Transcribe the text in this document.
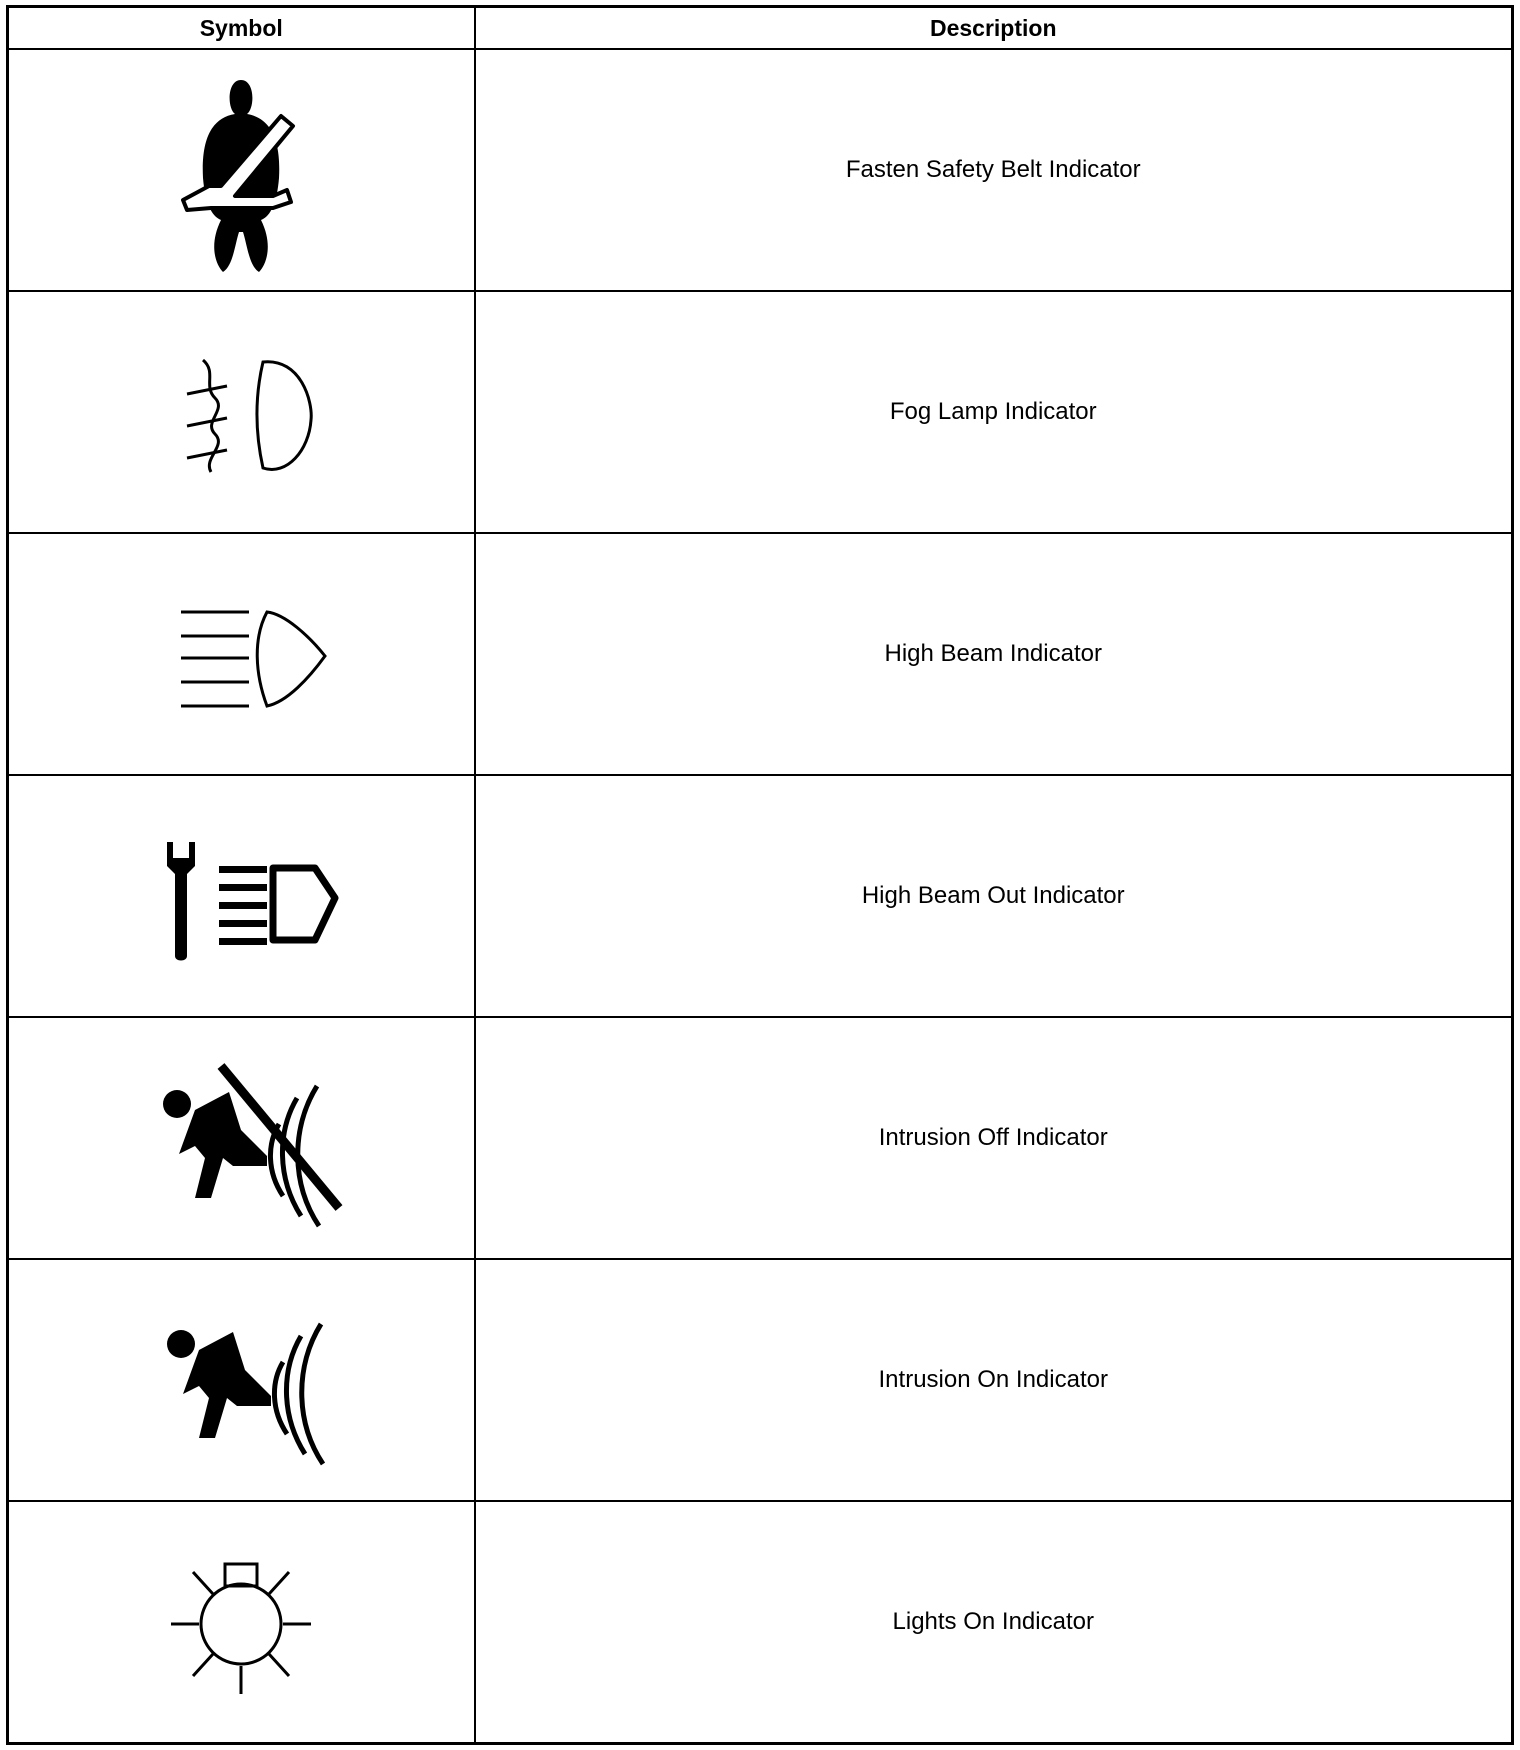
Symbol	Description

	Fasten Safety Belt Indicator

	Fog Lamp Indicator

	High Beam Indicator

	High Beam Out Indicator

	Intrusion Off Indicator

	Intrusion On Indicator

	Lights On Indicator
